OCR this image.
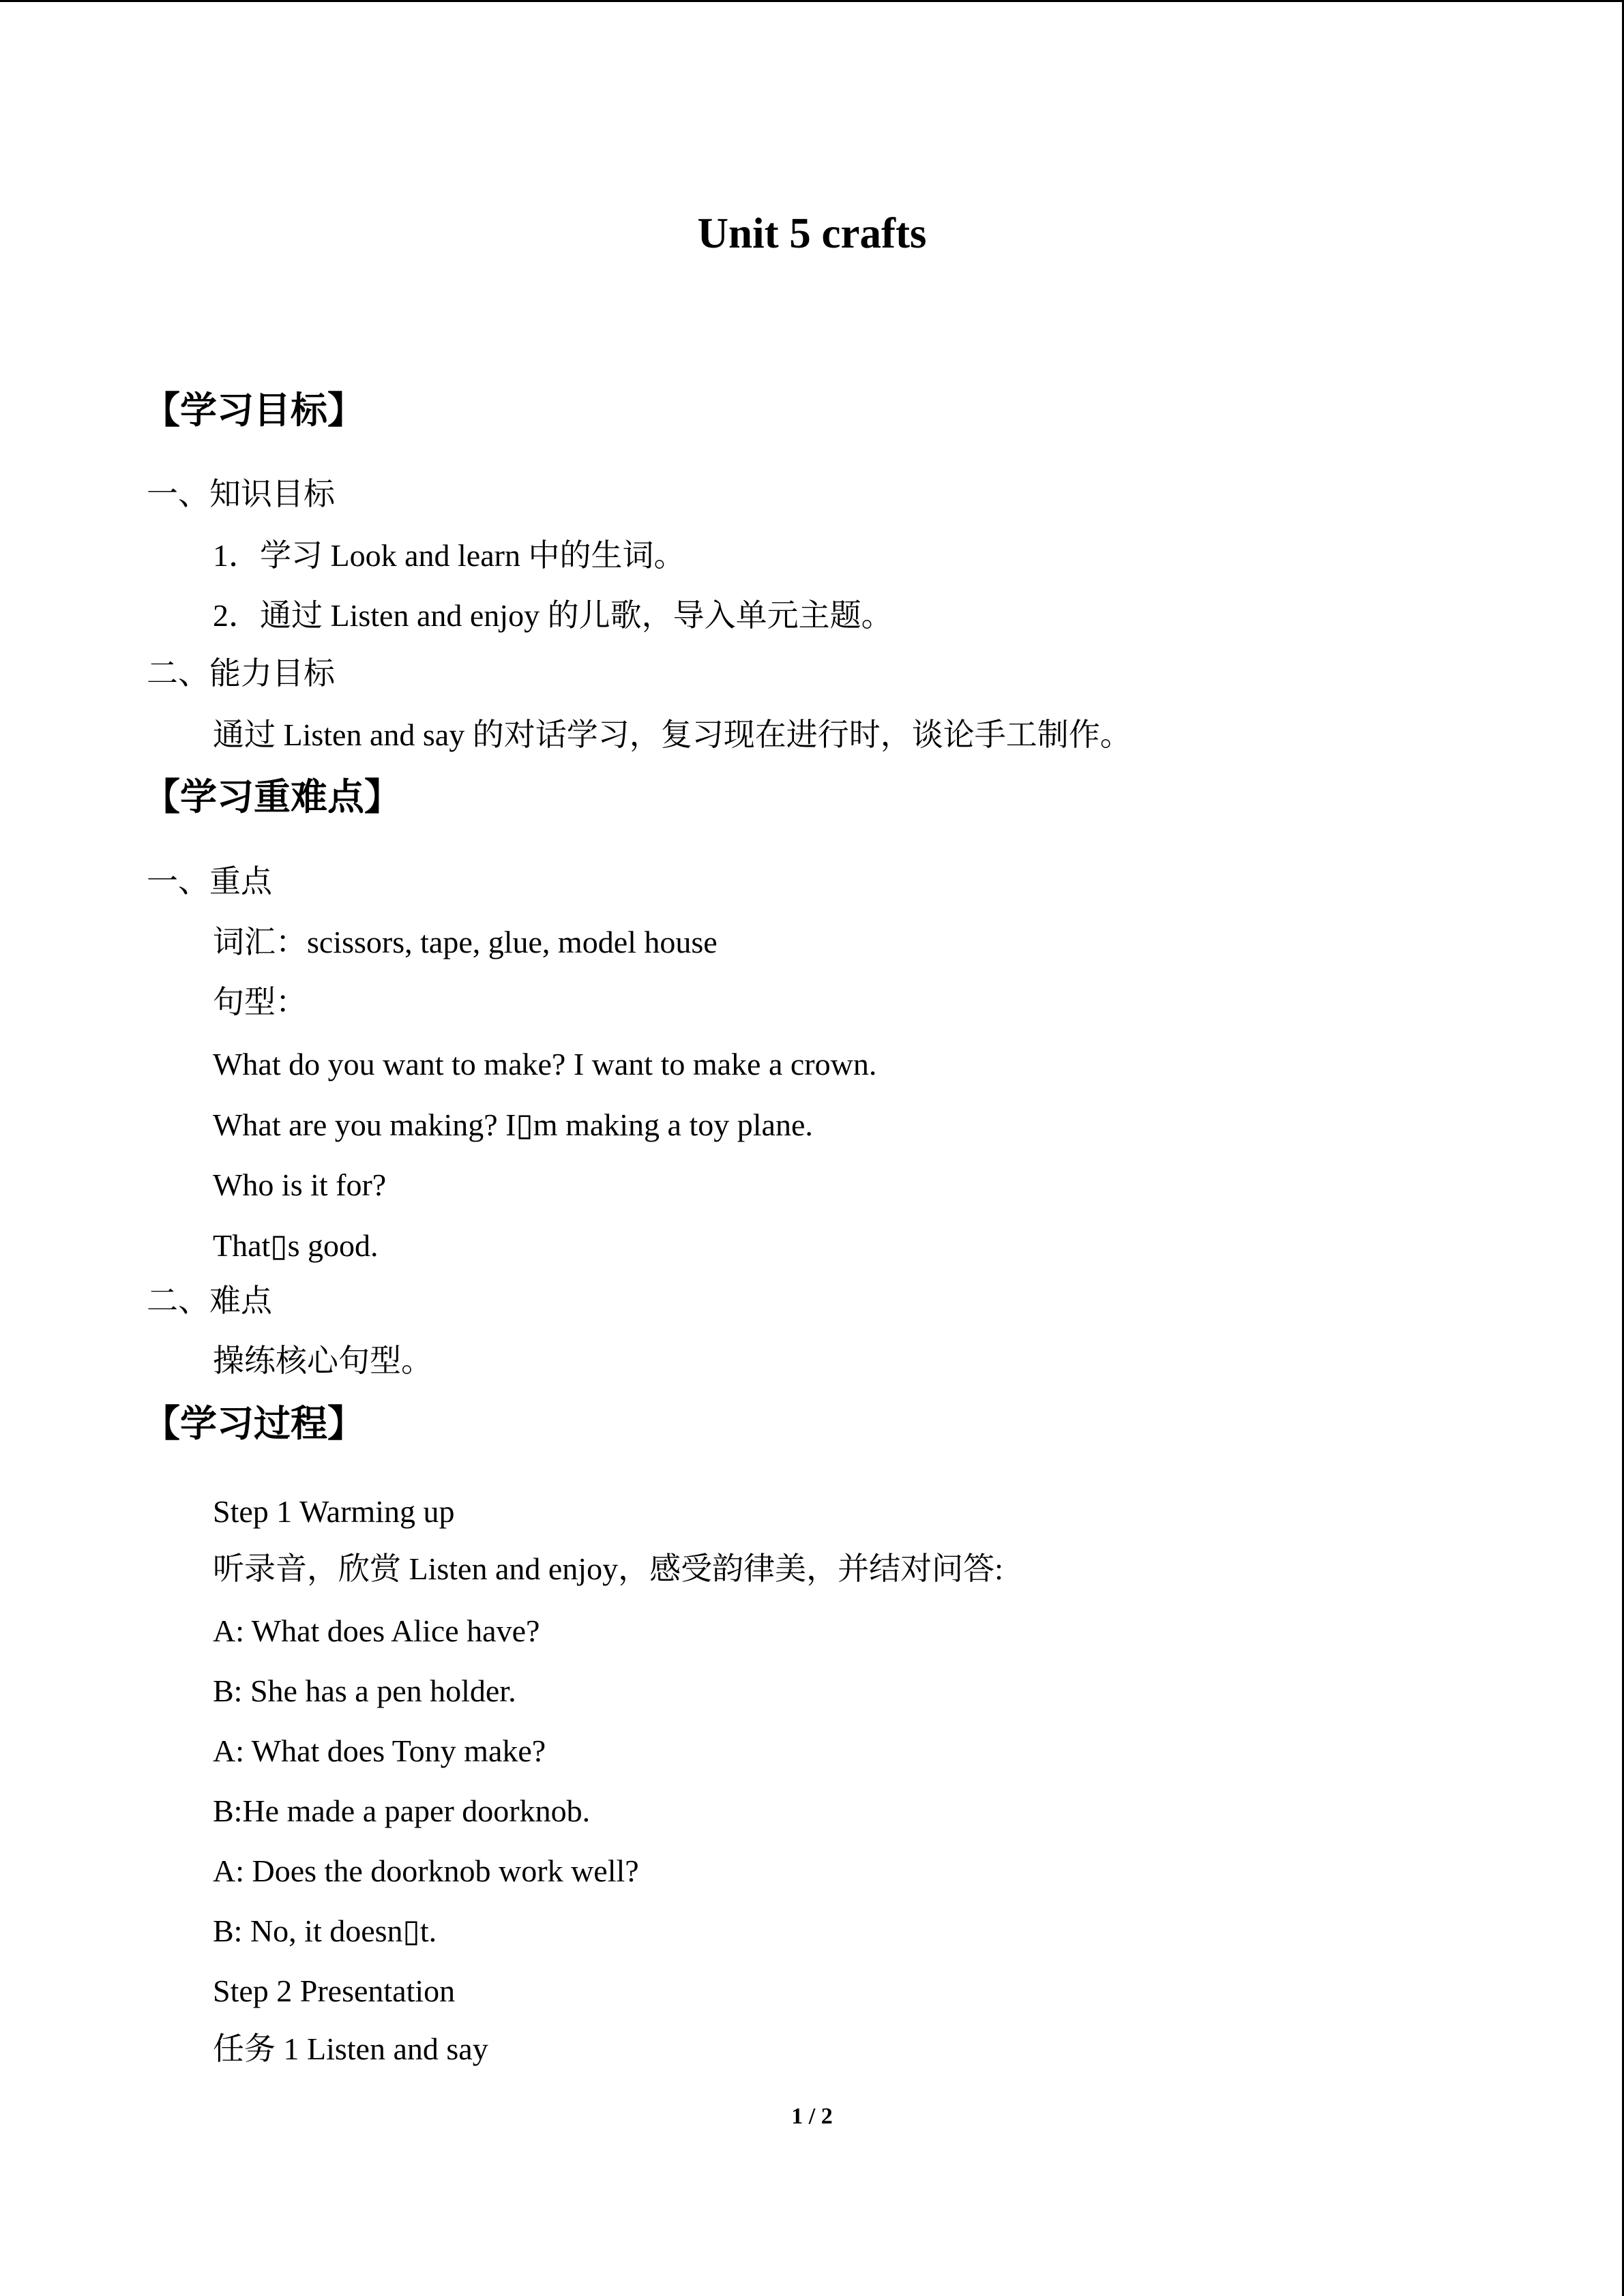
Unit 5 crafts
【学习目标】
一、知识目标
1．学习 Look and learn 中的生词。
2．通过 Listen and enjoy 的儿歌，导入单元主题。
二、能力目标
通过 Listen and say 的对话学习，复习现在进行时，谈论手工制作。
【学习重难点】
一、重点
词汇：scissors, tape, glue, model house
句型：
What do you want to make? I want to make a crown.
What are you making? I▯m making a toy plane.
Who is it for?
That▯s good.
二、难点
操练核心句型。
【学习过程】
Step 1 Warming up
听录音，欣赏 Listen and enjoy，感受韵律美，并结对问答:
A: What does Alice have?
B: She has a pen holder.
A: What does Tony make?
B:He made a paper doorknob.
A: Does the doorknob work well?
B: No, it doesn▯t.
Step 2 Presentation
任务 1 Listen and say
1 / 2
